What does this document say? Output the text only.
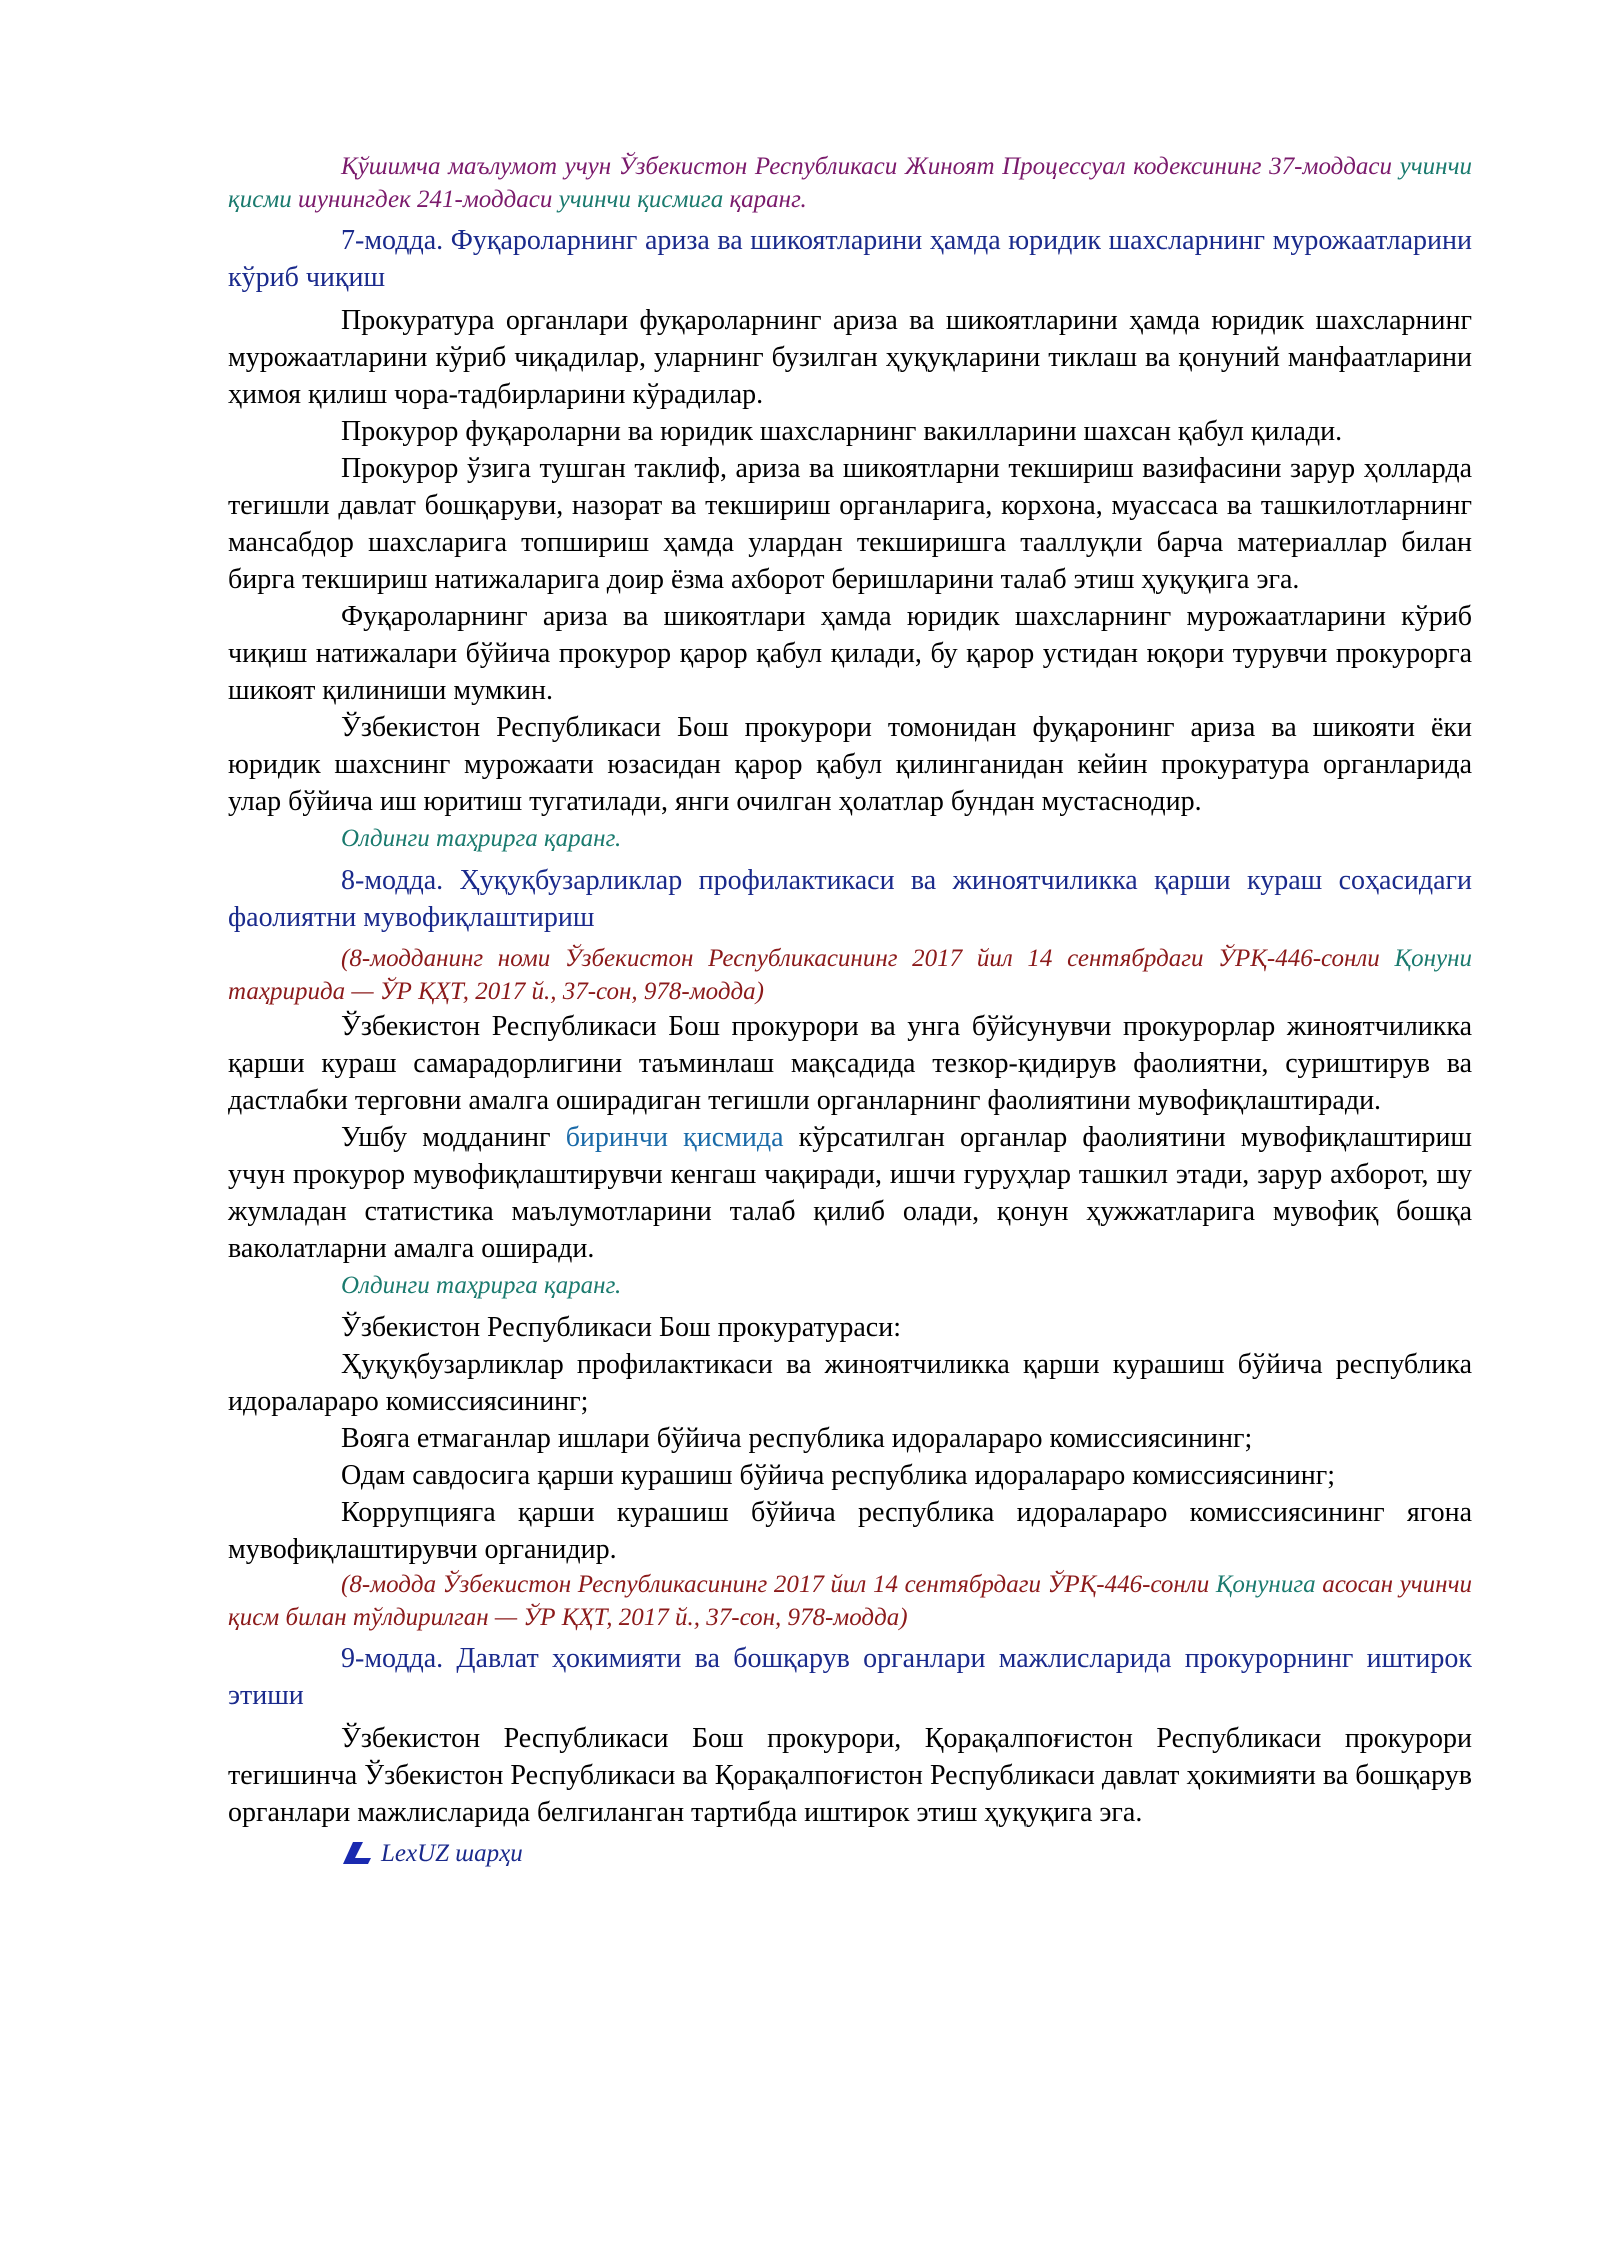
Қўшимча маълумот учун Ўзбекистон Республикаси Жиноят Процессуал кодексининг 37-моддаси учинчи қисми шунингдек 241-моддаси учинчи қисмига қаранг.

7-модда. Фуқароларнинг ариза ва шикоятларини ҳамда юридик шахсларнинг мурожаатларини кўриб чиқиш

Прокуратура органлари фуқароларнинг ариза ва шикоятларини ҳамда юридик шахсларнинг мурожаатларини кўриб чиқадилар, уларнинг бузилган ҳуқуқларини тиклаш ва қонуний манфаатларини ҳимоя қилиш чора-тадбирларини кўрадилар.

Прокурор фуқароларни ва юридик шахсларнинг вакилларини шахсан қабул қилади.

Прокурор ўзига тушган таклиф, ариза ва шикоятларни текшириш вазифасини зарур ҳолларда тегишли давлат бошқаруви, назорат ва текшириш органларига, корхона, муассаса ва ташкилотларнинг мансабдор шахсларига топшириш ҳамда улардан текширишга тааллуқли барча материаллар билан бирга текшириш натижаларига доир ёзма ахборот беришларини талаб этиш ҳуқуқига эга.

Фуқароларнинг ариза ва шикоятлари ҳамда юридик шахсларнинг мурожаатларини кўриб чиқиш натижалари бўйича прокурор қарор қабул қилади, бу қарор устидан юқори турувчи прокурорга шикоят қилиниши мумкин.

Ўзбекистон Республикаси Бош прокурори томонидан фуқаронинг ариза ва шикояти ёки юридик шахснинг мурожаати юзасидан қарор қабул қилинганидан кейин прокуратура органларида улар бўйича иш юритиш тугатилади, янги очилган ҳолатлар бундан мустаснодир.

Олдинги таҳрирга қаранг.

8-модда. Ҳуқуқбузарликлар профилактикаси ва жиноятчиликка қарши кураш соҳасидаги фаолиятни мувофиқлаштириш

(8-модданинг номи Ўзбекистон Республикасининг 2017 йил 14 сентябрдаги ЎРҚ-446-сонли Қонуни таҳририда — ЎР ҚҲТ, 2017 й., 37-сон, 978-модда)

Ўзбекистон Республикаси Бош прокурори ва унга бўйсунувчи прокурорлар жиноятчиликка қарши кураш самарадорлигини таъминлаш мақсадида тезкор-қидирув фаолиятни, суриштирув ва дастлабки терговни амалга оширадиган тегишли органларнинг фаолиятини мувофиқлаштиради.

Ушбу модданинг биринчи қисмида кўрсатилган органлар фаолиятини мувофиқлаштириш учун прокурор мувофиқлаштирувчи кенгаш чақиради, ишчи гуруҳлар ташкил этади, зарур ахборот, шу жумладан статистика маълумотларини талаб қилиб олади, қонун ҳужжатларига мувофиқ бошқа ваколатларни амалга оширади.

Олдинги таҳрирга қаранг.

Ўзбекистон Республикаси Бош прокуратураси:

Ҳуқуқбузарликлар профилактикаси ва жиноятчиликка қарши курашиш бўйича республика идоралараро комиссиясининг;

Вояга етмаганлар ишлари бўйича республика идоралараро комиссиясининг;

Одам савдосига қарши курашиш бўйича республика идоралараро комиссиясининг;

Коррупцияга қарши курашиш бўйича республика идоралараро комиссиясининг ягона мувофиқлаштирувчи органидир.

(8-модда Ўзбекистон Республикасининг 2017 йил 14 сентябрдаги ЎРҚ-446-сонли Қонунига асосан учинчи қисм билан тўлдирилган — ЎР ҚҲТ, 2017 й., 37-сон, 978-модда)

9-модда. Давлат ҳокимияти ва бошқарув органлари мажлисларида прокурорнинг иштирок этиши

Ўзбекистон Республикаси Бош прокурори, Қорақалпоғистон Республикаси прокурори тегишинча Ўзбекистон Республикаси ва Қорақалпоғистон Республикаси давлат ҳокимияти ва бошқарув органлари мажлисларида белгиланган тартибда иштирок этиш ҳуқуқига эга.

LexUZ шарҳи
